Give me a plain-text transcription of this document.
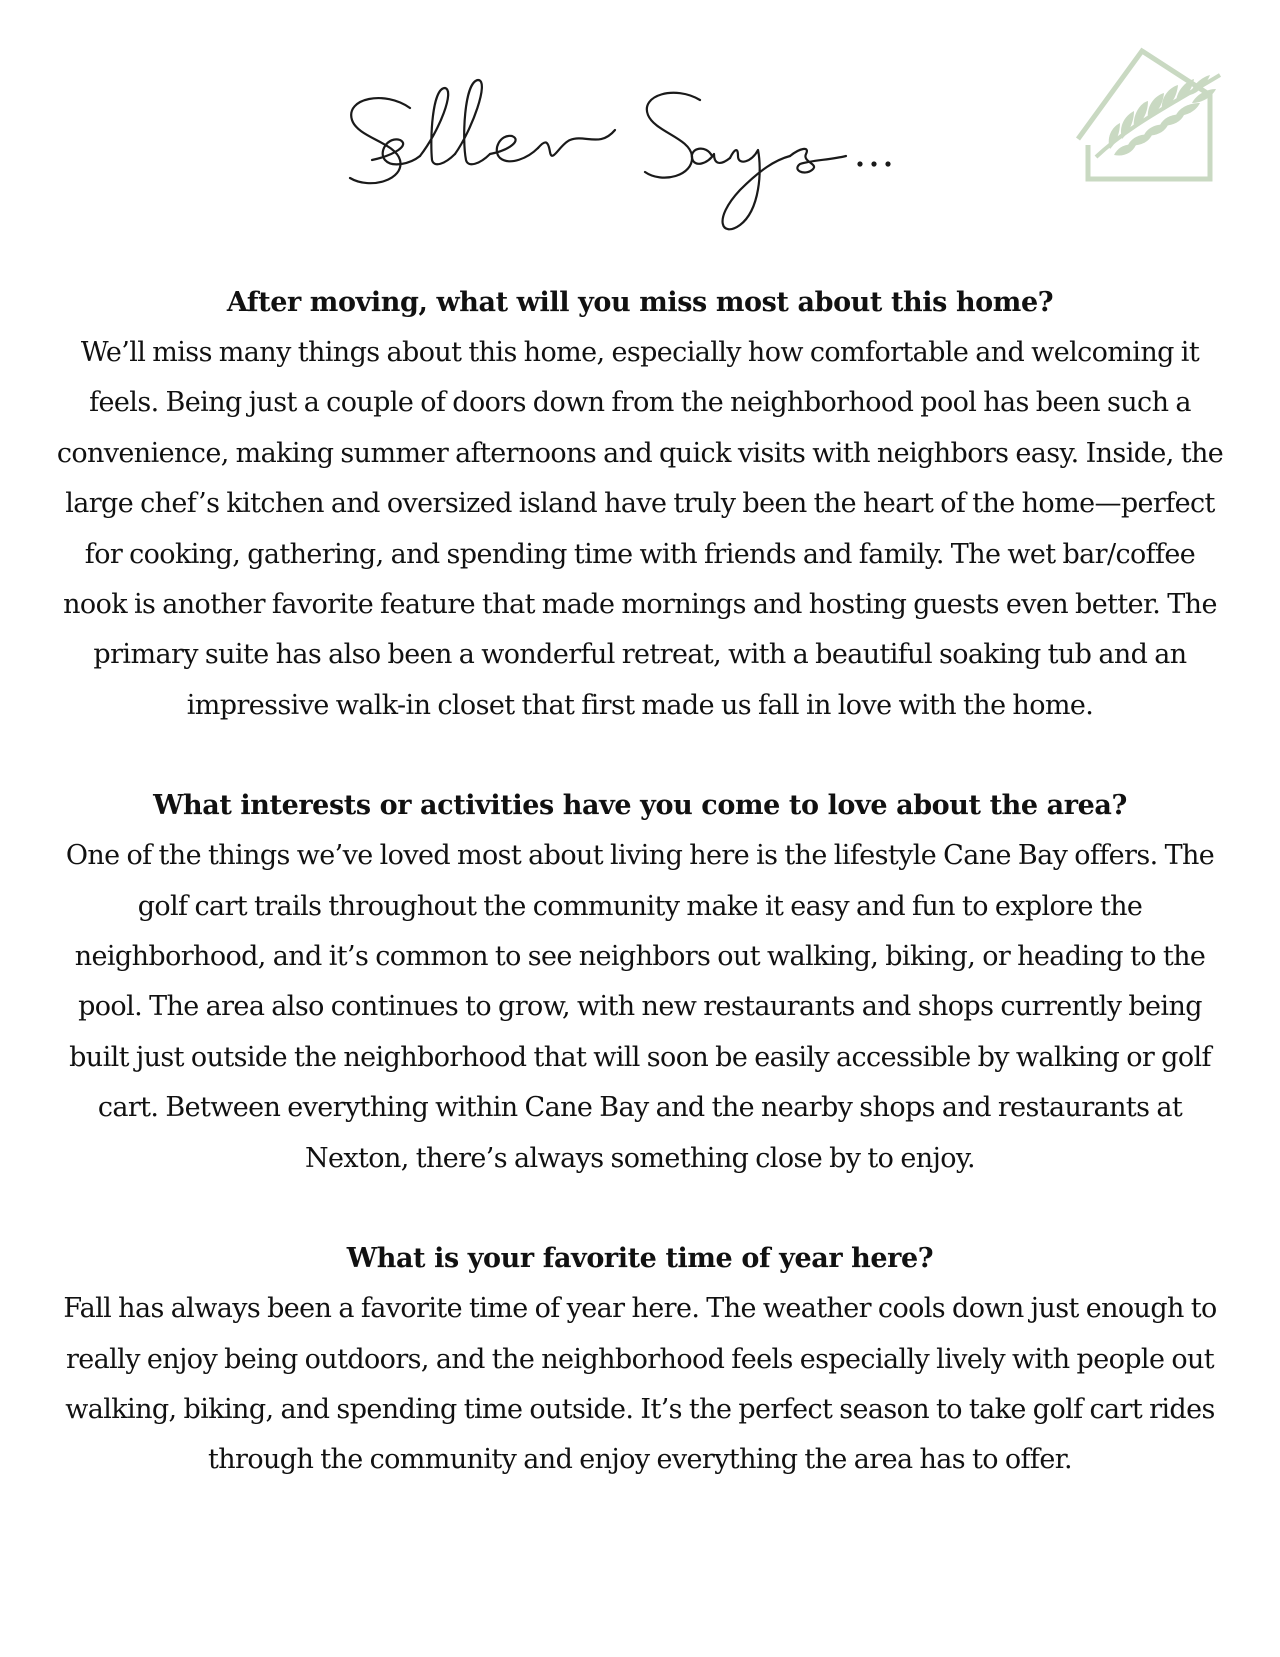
After moving, what will you miss most about this home?

We’ll miss many things about this home, especially how comfortable and welcoming it feels. Being just a couple of doors down from the neighborhood pool has been such a convenience, making summer afternoons and quick visits with neighbors easy. Inside, the large chef’s kitchen and oversized island have truly been the heart of the home—perfect for cooking, gathering, and spending time with friends and family. The wet bar/coffee nook is another favorite feature that made mornings and hosting guests even better. The primary suite has also been a wonderful retreat, with a beautiful soaking tub and an impressive walk-in closet that first made us fall in love with the home.

What interests or activities have you come to love about the area?

One of the things we’ve loved most about living here is the lifestyle Cane Bay offers. The golf cart trails throughout the community make it easy and fun to explore the neighborhood, and it’s common to see neighbors out walking, biking, or heading to the pool. The area also continues to grow, with new restaurants and shops currently being built just outside the neighborhood that will soon be easily accessible by walking or golf cart. Between everything within Cane Bay and the nearby shops and restaurants at Nexton, there’s always something close by to enjoy.

What is your favorite time of year here?

Fall has always been a favorite time of year here. The weather cools down just enough to really enjoy being outdoors, and the neighborhood feels especially lively with people out walking, biking, and spending time outside. It’s the perfect season to take golf cart rides through the community and enjoy everything the area has to offer.
